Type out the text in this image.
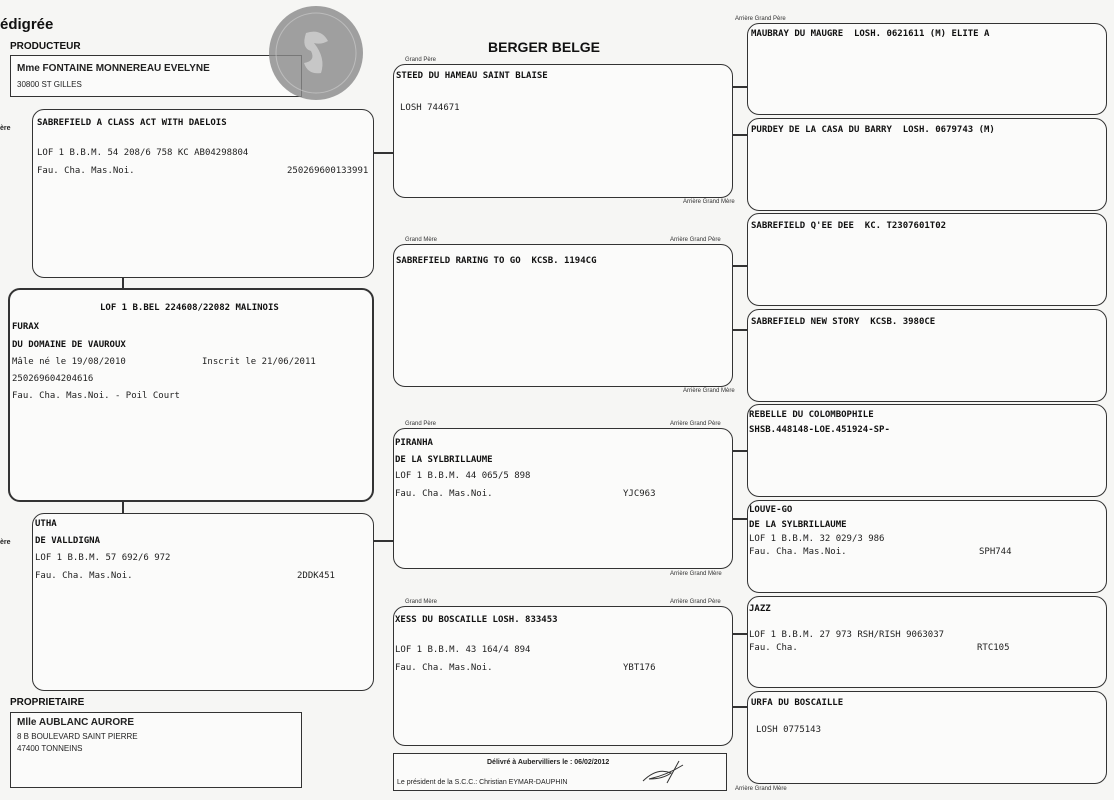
édigrée
BERGER BELGE
PRODUCTEUR
Mme FONTAINE MONNEREAU EVELYNE
30800 ST GILLES
ère
ère
SABREFIELD A CLASS ACT WITH DAELOIS
LOF 1 B.B.M. 54 208/6 758 KC AB04298804
Fau. Cha. Mas.Noi.	250269600133991
LOF 1 B.BEL 224608/22082 MALINOIS
FURAX
DU DOMAINE DE VAUROUX
Mâle né le 19/08/2010	Inscrit le 21/06/2011
250269604204616
Fau. Cha. Mas.Noi. - Poil Court
UTHA
DE VALLDIGNA
LOF 1 B.B.M. 57 692/6 972
Fau. Cha. Mas.Noi.	2DDK451
PROPRIETAIRE
Mlle AUBLANC AURORE
8 B BOULEVARD SAINT PIERRE
47400 TONNEINS
Grand Père
STEED DU HAMEAU SAINT BLAISE
LOSH 744671
Arrière Grand Mère
Grand Mère	Arrière Grand Père
SABREFIELD RARING TO GO  KCSB. 1194CG
Arrière Grand Mère
Grand Père	Arrière Grand Père
PIRANHA
DE LA SYLBRILLAUME
LOF 1 B.B.M. 44 065/5 898
Fau. Cha. Mas.Noi.	YJC963
Arrière Grand Mère
Grand Mère	Arrière Grand Père
XESS DU BOSCAILLE LOSH. 833453
LOF 1 B.B.M. 43 164/4 894
Fau. Cha. Mas.Noi.	YBT176
Délivré à Aubervilliers le : 06/02/2012
Le président de la S.C.C.: Christian EYMAR-DAUPHIN
Arrière Grand Père
MAUBRAY DU MAUGRE  LOSH. 0621611 (M) ELITE A
PURDEY DE LA CASA DU BARRY  LOSH. 0679743 (M)
SABREFIELD Q'EE DEE  KC. T2307601T02
SABREFIELD NEW STORY  KCSB. 3980CE
REBELLE DU COLOMBOPHILE
SHSB.448148-LOE.451924-SP-
LOUVE-GO
DE LA SYLBRILLAUME
LOF 1 B.B.M. 32 029/3 986
Fau. Cha. Mas.Noi.	SPH744
JAZZ
LOF 1 B.B.M. 27 973 RSH/RISH 9063037
Fau. Cha.	RTC105
URFA DU BOSCAILLE
LOSH 0775143
Arrière Grand Mère
